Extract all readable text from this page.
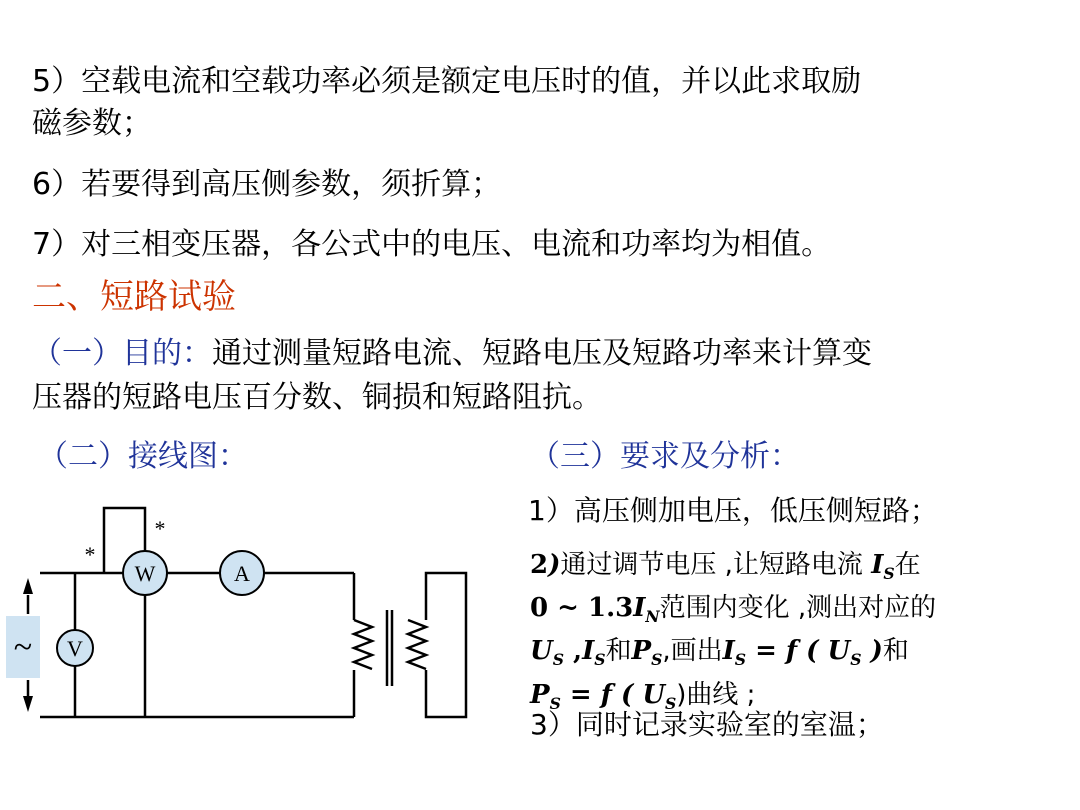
5）空载电流和空载功率必须是额定电压时的值，并以此求取励
磁参数；
6）若要得到高压侧参数，须折算；
7）对三相变压器，各公式中的电压、电流和功率均为相值。
二、短路试验
（一）目的：通过测量短路电流、短路电压及短路功率来计算变
压器的短路电压百分数、铜损和短路阻抗。
（二）接线图：	（三）要求及分析：
1）高压侧加电压，低压侧短路；
2)通过调节电压 ,让短路电流 $I_S$在
0 ~ $1.3I_N$范围内变化 ,测出对应的
$U_S$ $,I_S$和$P_S$,画出$I_S = f$ ( $U_S$ )和
$P_S = f$ ( $U_S$)曲线 ;
3）同时记录实验室的室温；
~ V
W	A
*
*
